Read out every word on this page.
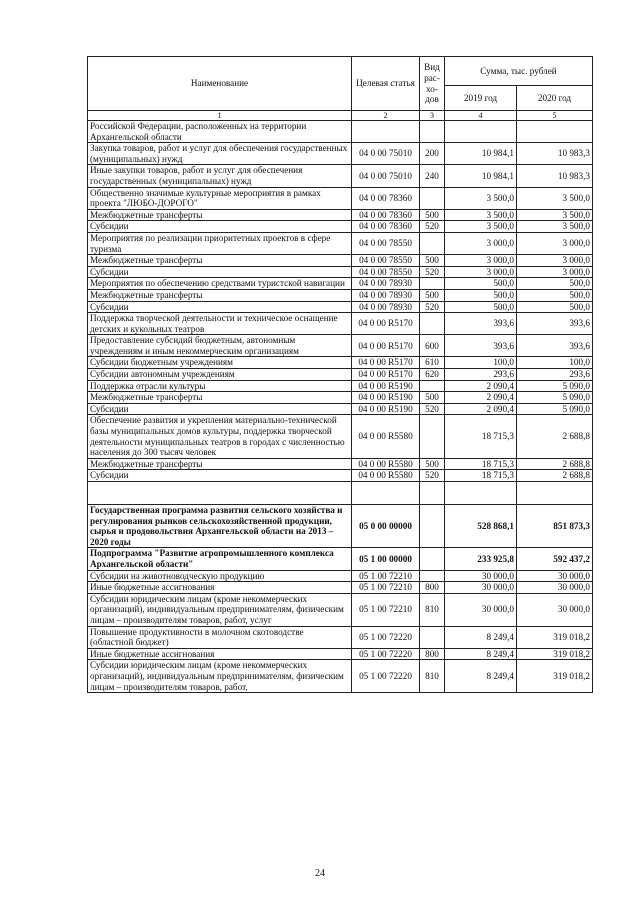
Наименование	Целевая статья	Вид рас-хо-дов	Сумма, тыс. рублей	
			2019 год	2020 год
1	2	3	4	5
Российской Федерации, расположенных на территории Архангельской области				
Закупка товаров, работ и услуг для обеспечения государственных (муниципальных) нужд	04 0 00 75010	200	10 984,1	10 983,3
Иные закупки товаров, работ и услуг для обеспечения государственных (муниципальных) нужд	04 0 00 75010	240	10 984,1	10 983,3
Общественно значимые культурные мероприятия в рамках проекта "ЛЮБО-ДОРОГО"	04 0 00 78360		3 500,0	3 500,0
Межбюджетные трансферты	04 0 00 78360	500	3 500,0	3 500,0
Субсидии	04 0 00 78360	520	3 500,0	3 500,0
Мероприятия по реализации приоритетных проектов в сфере туризма	04 0 00 78550		3 000,0	3 000,0
Межбюджетные трансферты	04 0 00 78550	500	3 000,0	3 000,0
Субсидии	04 0 00 78550	520	3 000,0	3 000,0
Мероприятия по обеспечению средствами туристской навигации	04 0 00 78930		500,0	500,0
Межбюджетные трансферты	04 0 00 78930	500	500,0	500,0
Субсидии	04 0 00 78930	520	500,0	500,0
Поддержка творческой деятельности и техническое оснащение детских и кукольных театров	04 0 00 R5170		393,6	393,6
Предоставление субсидий бюджетным, автономным учреждениям и иным некоммерческим организациям	04 0 00 R5170	600	393,6	393,6
Субсидии бюджетным учреждениям	04 0 00 R5170	610	100,0	100,0
Субсидии автономным учреждениям	04 0 00 R5170	620	293,6	293,6
Поддержка отрасли культуры	04 0 00 R5190		2 090,4	5 090,0
Межбюджетные трансферты	04 0 00 R5190	500	2 090,4	5 090,0
Субсидии	04 0 00 R5190	520	2 090,4	5 090,0
Обеспечение развития и укрепления материально-технической базы муниципальных домов культуры, поддержка творческой деятельности муниципальных театров в городах с численностью населения до 300 тысяч человек	04 0 00 R5580		18 715,3	2 688,8
Межбюджетные трансферты	04 0 00 R5580	500	18 715,3	2 688,8
Субсидии	04 0 00 R5580	520	18 715,3	2 688,8

Государственная программа развития сельского хозяйства и регулирования рынков сельскохозяйственной продукции, сырья и продовольствия Архангельской области на 2013 – 2020 годы	05 0 00 00000		528 868,1	851 873,3
Подпрограмма "Развитие агропромышленного комплекса Архангельской области"	05 1 00 00000		233 925,8	592 437,2
Субсидии на животноводческую продукцию	05 1 00 72210		30 000,0	30 000,0
Иные бюджетные ассигнования	05 1 00 72210	800	30 000,0	30 000,0
Субсидии юридическим лицам (кроме некоммерческих организаций), индивидуальным предпринимателям, физическим лицам – производителям товаров, работ, услуг	05 1 00 72210	810	30 000,0	30 000,0
Повышение продуктивности в молочном скотоводстве (областной бюджет)	05 1 00 72220		8 249,4	319 018,2
Иные бюджетные ассигнования	05 1 00 72220	800	8 249,4	319 018,2
Субсидии юридическим лицам (кроме некоммерческих организаций), индивидуальным предпринимателям, физическим лицам – производителям товаров, работ,	05 1 00 72220	810	8 249,4	319 018,2
24
